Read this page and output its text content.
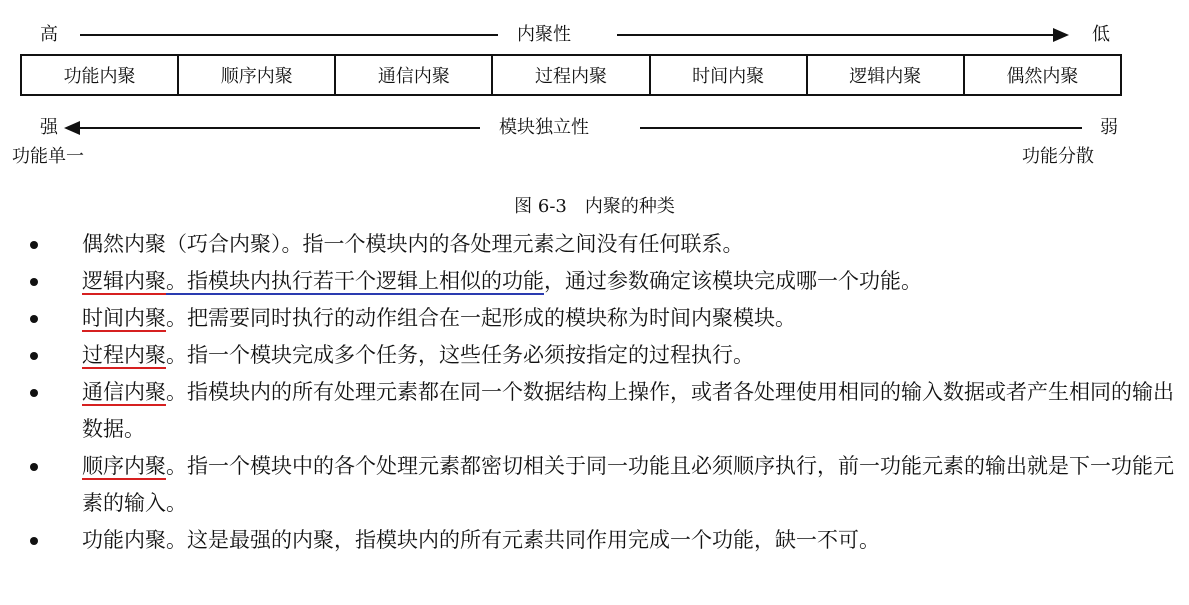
高	内聚性	低
功能内聚	顺序内聚	通信内聚	过程内聚	时间内聚	逻辑内聚	偶然内聚
强	模块独立性	弱
功能单一	功能分散
图 6-3　内聚的种类
偶然内聚（巧合内聚）。指一个模块内的各处理元素之间没有任何联系。
逻辑内聚。指模块内执行若干个逻辑上相似的功能，通过参数确定该模块完成哪一个功能。
时间内聚。把需要同时执行的动作组合在一起形成的模块称为时间内聚模块。
过程内聚。指一个模块完成多个任务，这些任务必须按指定的过程执行。
通信内聚。指模块内的所有处理元素都在同一个数据结构上操作，或者各处理使用相同的输入数据或者产生相同的输出数据。
顺序内聚。指一个模块中的各个处理元素都密切相关于同一功能且必须顺序执行，前一功能元素的输出就是下一功能元素的输入。
功能内聚。这是最强的内聚，指模块内的所有元素共同作用完成一个功能，缺一不可。
